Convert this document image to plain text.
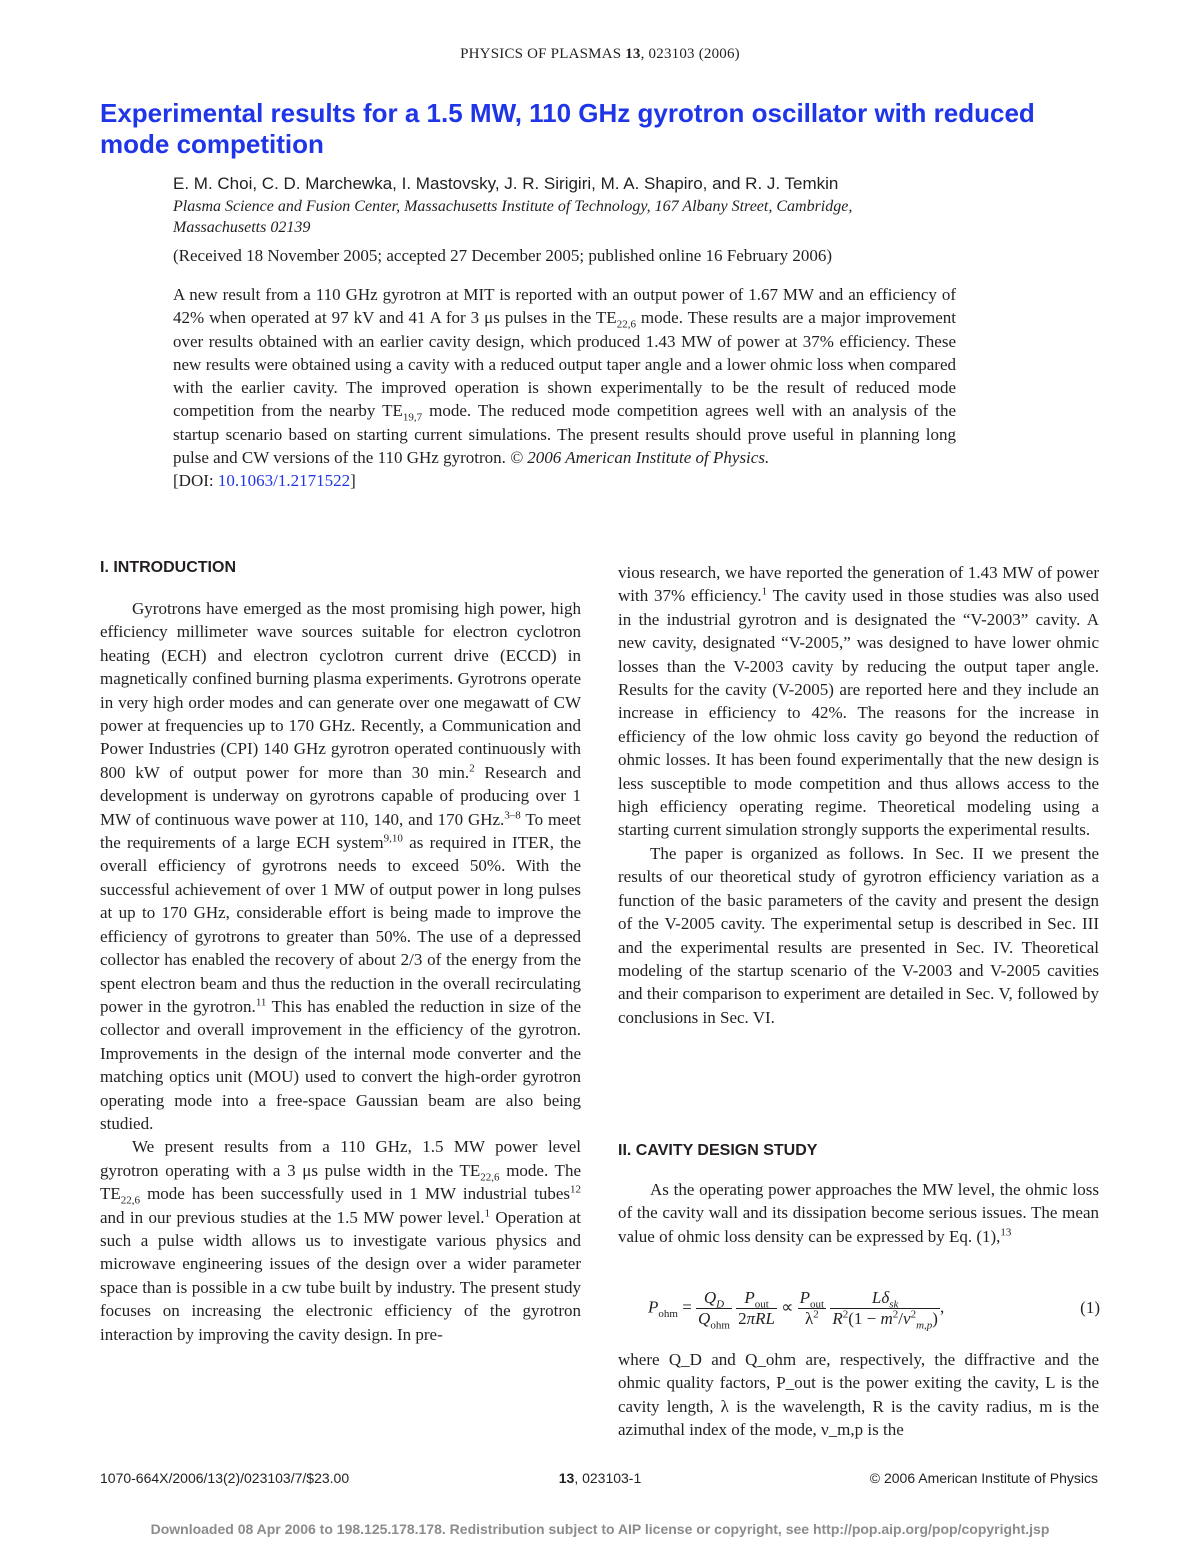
PHYSICS OF PLASMAS 13, 023103 (2006)
Experimental results for a 1.5 MW, 110 GHz gyrotron oscillator with reduced mode competition
E. M. Choi, C. D. Marchewka, I. Mastovsky, J. R. Sirigiri, M. A. Shapiro, and R. J. Temkin
Plasma Science and Fusion Center, Massachusetts Institute of Technology, 167 Albany Street, Cambridge, Massachusetts 02139
(Received 18 November 2005; accepted 27 December 2005; published online 16 February 2006)
A new result from a 110 GHz gyrotron at MIT is reported with an output power of 1.67 MW and an efficiency of 42% when operated at 97 kV and 41 A for 3 μs pulses in the $TE_{22,6}$ mode. These results are a major improvement over results obtained with an earlier cavity design, which produced 1.43 MW of power at 37% efficiency. These new results were obtained using a cavity with a reduced output taper angle and a lower ohmic loss when compared with the earlier cavity. The improved operation is shown experimentally to be the result of reduced mode competition from the nearby $TE_{19,7}$ mode. The reduced mode competition agrees well with an analysis of the startup scenario based on starting current simulations. The present results should prove useful in planning long pulse and CW versions of the 110 GHz gyrotron. © 2006 American Institute of Physics.
[DOI: 10.1063/1.2171522]
I. INTRODUCTION

Gyrotrons have emerged as the most promising high power, high efficiency millimeter wave sources suitable for electron cyclotron heating (ECH) and electron cyclotron current drive (ECCD) in magnetically confined burning plasma experiments. Gyrotrons operate in very high order modes and can generate over one megawatt of CW power at frequencies up to 170 GHz. Recently, a Communication and Power Industries (CPI) 140 GHz gyrotron operated continuously with 800 kW of output power for more than 30 min.$^2$ Research and development is underway on gyrotrons capable of producing over 1 MW of continuous wave power at 110, 140, and 170 GHz.$^{3-8}$ To meet the requirements of a large ECH system$^{9,10}$ as required in ITER, the overall efficiency of gyrotrons needs to exceed 50%. With the successful achievement of over 1 MW of output power in long pulses at up to 170 GHz, considerable effort is being made to improve the efficiency of gyrotrons to greater than 50%. The use of a depressed collector has enabled the recovery of about 2/3 of the energy from the spent electron beam and thus the reduction in the overall recirculating power in the gyrotron.$^{11}$ This has enabled the reduction in size of the collector and overall improvement in the efficiency of the gyrotron. Improvements in the design of the internal mode converter and the matching optics unit (MOU) used to convert the high-order gyrotron operating mode into a free-space Gaussian beam are also being studied.

We present results from a 110 GHz, 1.5 MW power level gyrotron operating with a 3 μs pulse width in the $TE_{22,6}$ mode. The $TE_{22,6}$ mode has been successfully used in 1 MW industrial tubes$^{12}$ and in our previous studies at the 1.5 MW power level.$^1$ Operation at such a pulse width allows us to investigate various physics and microwave engineering issues of the design over a wider parameter space than is possible in a cw tube built by industry. The present study focuses on increasing the electronic efficiency of the gyrotron interaction by improving the cavity design. In pre-

vious research, we have reported the generation of 1.43 MW of power with 37% efficiency.$^1$ The cavity used in those studies was also used in the industrial gyrotron and is designated the “V-2003” cavity. A new cavity, designated “V-2005,” was designed to have lower ohmic losses than the V-2003 cavity by reducing the output taper angle. Results for the cavity (V-2005) are reported here and they include an increase in efficiency to 42%. The reasons for the increase in efficiency of the low ohmic loss cavity go beyond the reduction of ohmic losses. It has been found experimentally that the new design is less susceptible to mode competition and thus allows access to the high efficiency operating regime. Theoretical modeling using a starting current simulation strongly supports the experimental results.

The paper is organized as follows. In Sec. II we present the results of our theoretical study of gyrotron efficiency variation as a function of the basic parameters of the cavity and present the design of the V-2005 cavity. The experimental setup is described in Sec. III and the experimental results are presented in Sec. IV. Theoretical modeling of the startup scenario of the V-2003 and V-2005 cavities and their comparison to experiment are detailed in Sec. V, followed by conclusions in Sec. VI.

II. CAVITY DESIGN STUDY

As the operating power approaches the MW level, the ohmic loss of the cavity wall and its dissipation become serious issues. The mean value of ohmic loss density can be expressed by Eq. (1),$^{13}$

$P_{ohm} = \frac{Q_D}{Q_{ohm}}$
$\frac{P_{out}}{\text{2πRL}} \propto \frac{P_{out}}{\lambda^2}$
$\frac{L\delta_{sk}}{R^2(1 - m^2/\nu^2_{m,p})}$ ,	(1)

where Q_D and Q_ohm are, respectively, the diffractive and the ohmic quality factors, P_out is the power exiting the cavity, L is the cavity length, λ is the wavelength, R is the cavity radius, m is the azimuthal index of the mode, ν_m,p is the

1070-664X/2006/13(2)/023103/7/$23.00	13, 023103-1	© 2006 American Institute of Physics
Downloaded 08 Apr 2006 to 198.125.178.178. Redistribution subject to AIP license or copyright, see http://pop.aip.org/pop/copyright.jsp
